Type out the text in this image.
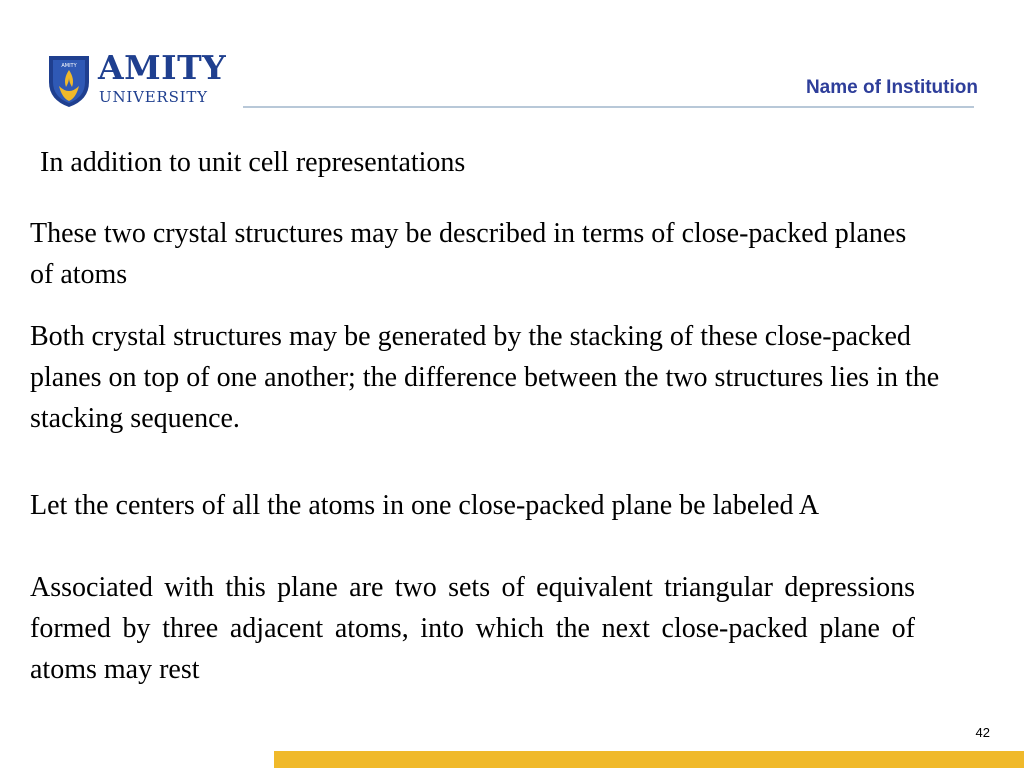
AMITY AMITY
UNIVERSITY	Name of Institution

In addition to unit cell representations

These two crystal structures may be described in terms of close-packed planes of atoms

Both crystal structures may be generated by the stacking of these close-packed planes on top of one another; the difference between the two structures lies in the stacking sequence.

Let the centers of all the atoms in one close-packed plane be labeled A

Associated with this plane are two sets of equivalent triangular depressions formed by three adjacent atoms, into which the next close-packed plane of atoms may rest

42
